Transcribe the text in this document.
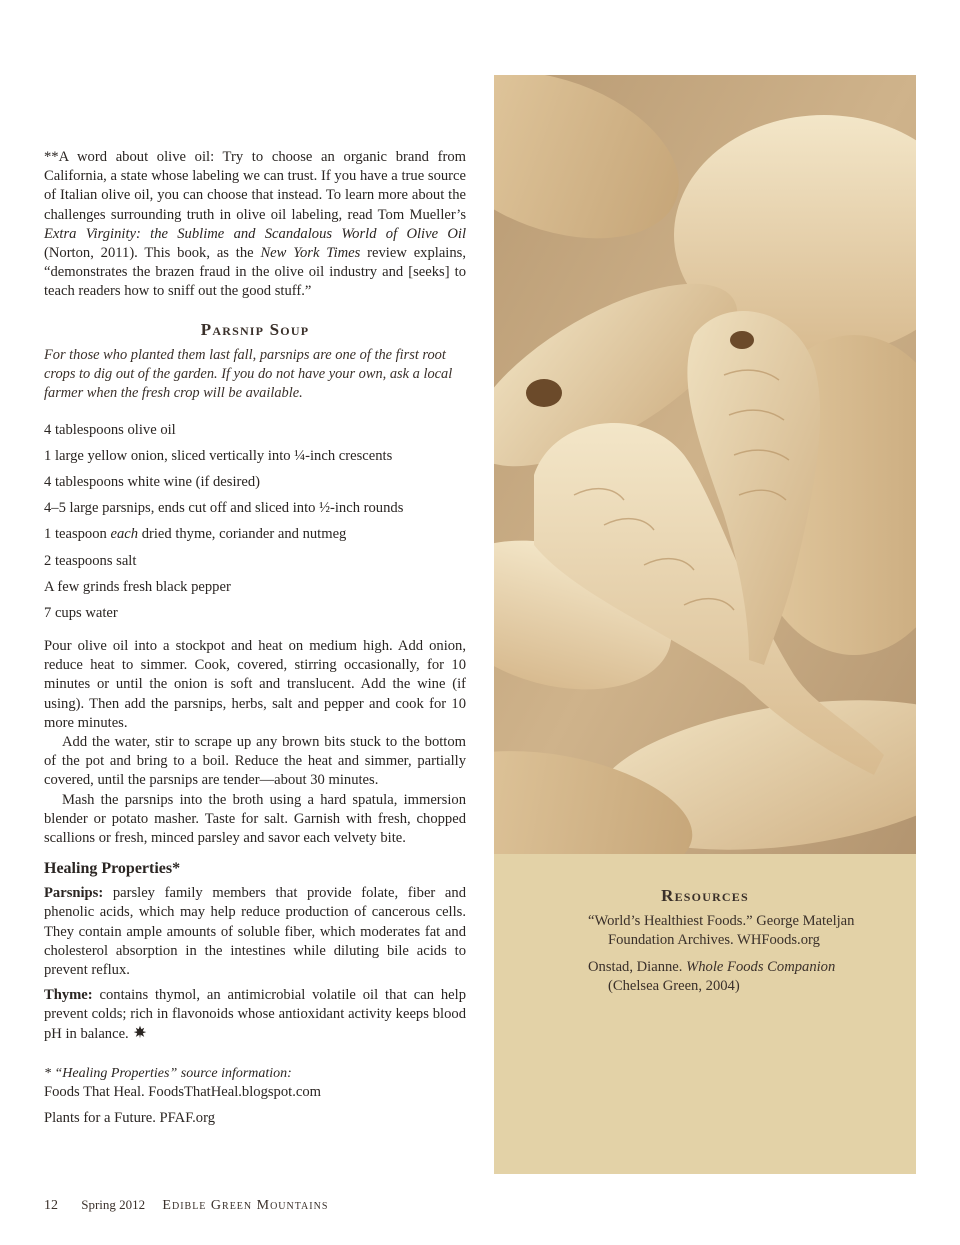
**A word about olive oil: Try to choose an organic brand from California, a state whose labeling we can trust. If you have a true source of Italian olive oil, you can choose that instead. To learn more about the challenges surrounding truth in olive oil labeling, read Tom Mueller’s Extra Virginity: the Sublime and Scandalous World of Olive Oil (Norton, 2011). This book, as the New York Times review explains, “demonstrates the brazen fraud in the olive oil industry and [seeks] to teach readers how to sniff out the good stuff.”

Parsnip Soup

For those who planted them last fall, parsnips are one of the first root crops to dig out of the garden. If you do not have your own, ask a local farmer when the fresh crop will be available.

4 tablespoons olive oil
1 large yellow onion, sliced vertically into ¼-inch crescents
4 tablespoons white wine (if desired)
4–5 large parsnips, ends cut off and sliced into ½-inch rounds
1 teaspoon each dried thyme, coriander and nutmeg
2 teaspoons salt
A few grinds fresh black pepper
7 cups water

Pour olive oil into a stockpot and heat on medium high. Add onion, reduce heat to simmer. Cook, covered, stirring occasionally, for 10 minutes or until the onion is soft and translucent. Add the wine (if using). Then add the parsnips, herbs, salt and pepper and cook for 10 more minutes.

Add the water, stir to scrape up any brown bits stuck to the bottom of the pot and bring to a boil. Reduce the heat and simmer, partially covered, until the parsnips are tender—about 30 minutes.

Mash the parsnips into the broth using a hard spatula, immersion blender or potato masher. Taste for salt. Garnish with fresh, chopped scallions or fresh, minced parsley and savor each velvety bite.

Healing Properties*

Parsnips: parsley family members that provide folate, fiber and phenolic acids, which may help reduce production of cancerous cells. They contain ample amounts of soluble fiber, which moderates fat and cholesterol absorption in the intestines while diluting bile acids to prevent reflux.

Thyme: contains thymol, an antimicrobial volatile oil that can help prevent colds; rich in flavonoids whose antioxidant activity keeps blood pH in balance.

* “Healing Properties” source information:

Foods That Heal. FoodsThatHeal.blogspot.com

Plants for a Future. PFAF.org

Resources

“World’s Healthiest Foods.” George Mateljan Foundation Archives. WHFoods.org

Onstad, Dianne. Whole Foods Companion (Chelsea Green, 2004)

12 Spring 2012 Edible Green Mountains
